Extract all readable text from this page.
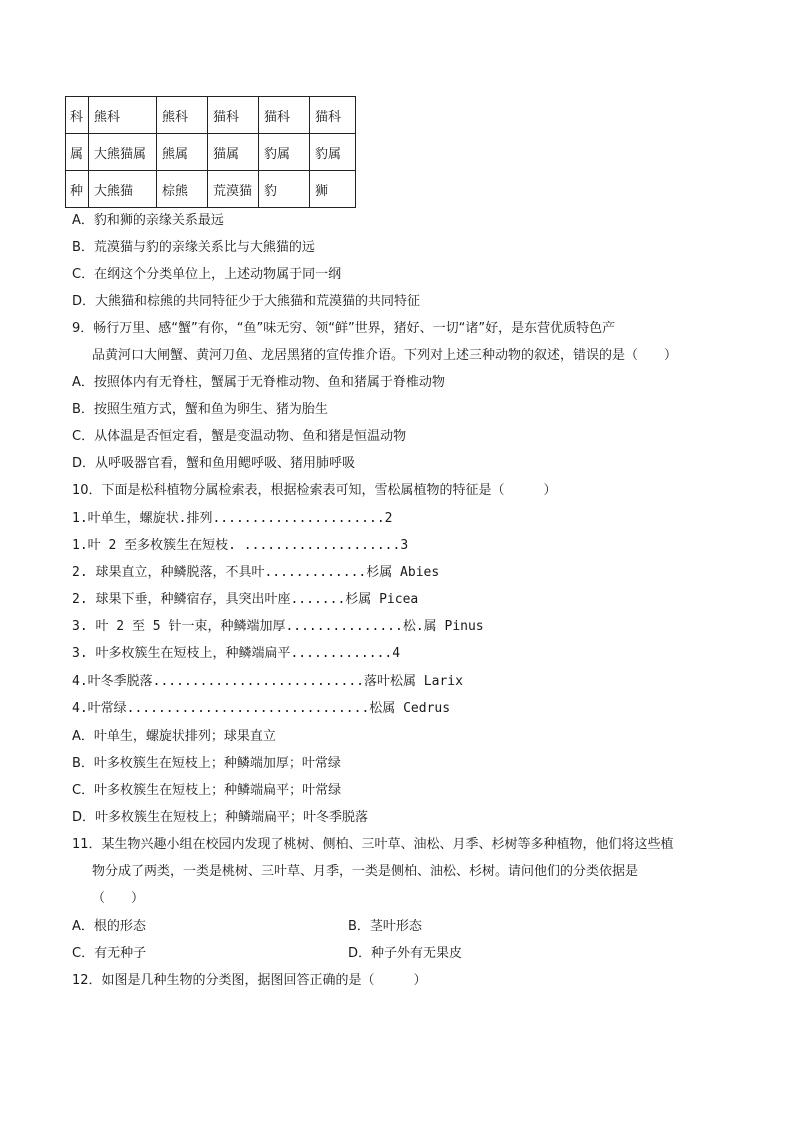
科	熊科	熊科	猫科	猫科	猫科
属	大熊猫属	熊属	猫属	豹属	豹属
种	大熊猫	棕熊	荒漠猫	豹	狮
A．豹和狮的亲缘关系最远
B．荒漠猫与豹的亲缘关系比与大熊猫的远
C．在纲这个分类单位上，上述动物属于同一纲
D．大熊猫和棕熊的共同特征少于大熊猫和荒漠猫的共同特征
9．畅行万里、感“蟹”有你，“鱼”味无穷、领“鲜”世界，猪好、一切“诸”好，是东营优质特色产
品黄河口大闸蟹、黄河刀鱼、龙居黑猪的宣传推介语。下列对上述三种动物的叙述，错误的是（　　）
A．按照体内有无脊柱，蟹属于无脊椎动物、鱼和猪属于脊椎动物
B．按照生殖方式，蟹和鱼为卵生、猪为胎生
C．从体温是否恒定看，蟹是变温动物、鱼和猪是恒温动物
D．从呼吸器官看，蟹和鱼用鳃呼吸、猪用肺呼吸
10．下面是松科植物分属检索表，根据检索表可知，雪松属植物的特征是（　　　）
1.叶单生，螺旋状.排列......................2
1.叶 2 至多枚簇生在短枝. ....................3
2. 球果直立，种鳞脱落，不具叶.............杉属 Abies
2. 球果下垂，种鳞宿存，具突出叶座.......杉属 Picea
3. 叶 2 至 5 针一束，种鳞端加厚...............松.属 Pinus
3. 叶多枚簇生在短枝上，种鳞端扁平.............4
4.叶冬季脱落...........................落叶松属 Larix
4.叶常绿...............................松属 Cedrus
A．叶单生，螺旋状排列；球果直立
B．叶多枚簇生在短枝上；种鳞端加厚；叶常绿
C．叶多枚簇生在短枝上；种鳞端扁平；叶常绿
D．叶多枚簇生在短枝上；种鳞端扁平；叶冬季脱落
11．某生物兴趣小组在校园内发现了桃树、侧柏、三叶草、油松、月季、杉树等多种植物，他们将这些植
物分成了两类，一类是桃树、三叶草、月季，一类是侧柏、油松、杉树。请问他们的分类依据是
（　　）
A．根的形态	B．茎叶形态
C．有无种子	D．种子外有无果皮
12．如图是几种生物的分类图，据图回答正确的是（　　　）
